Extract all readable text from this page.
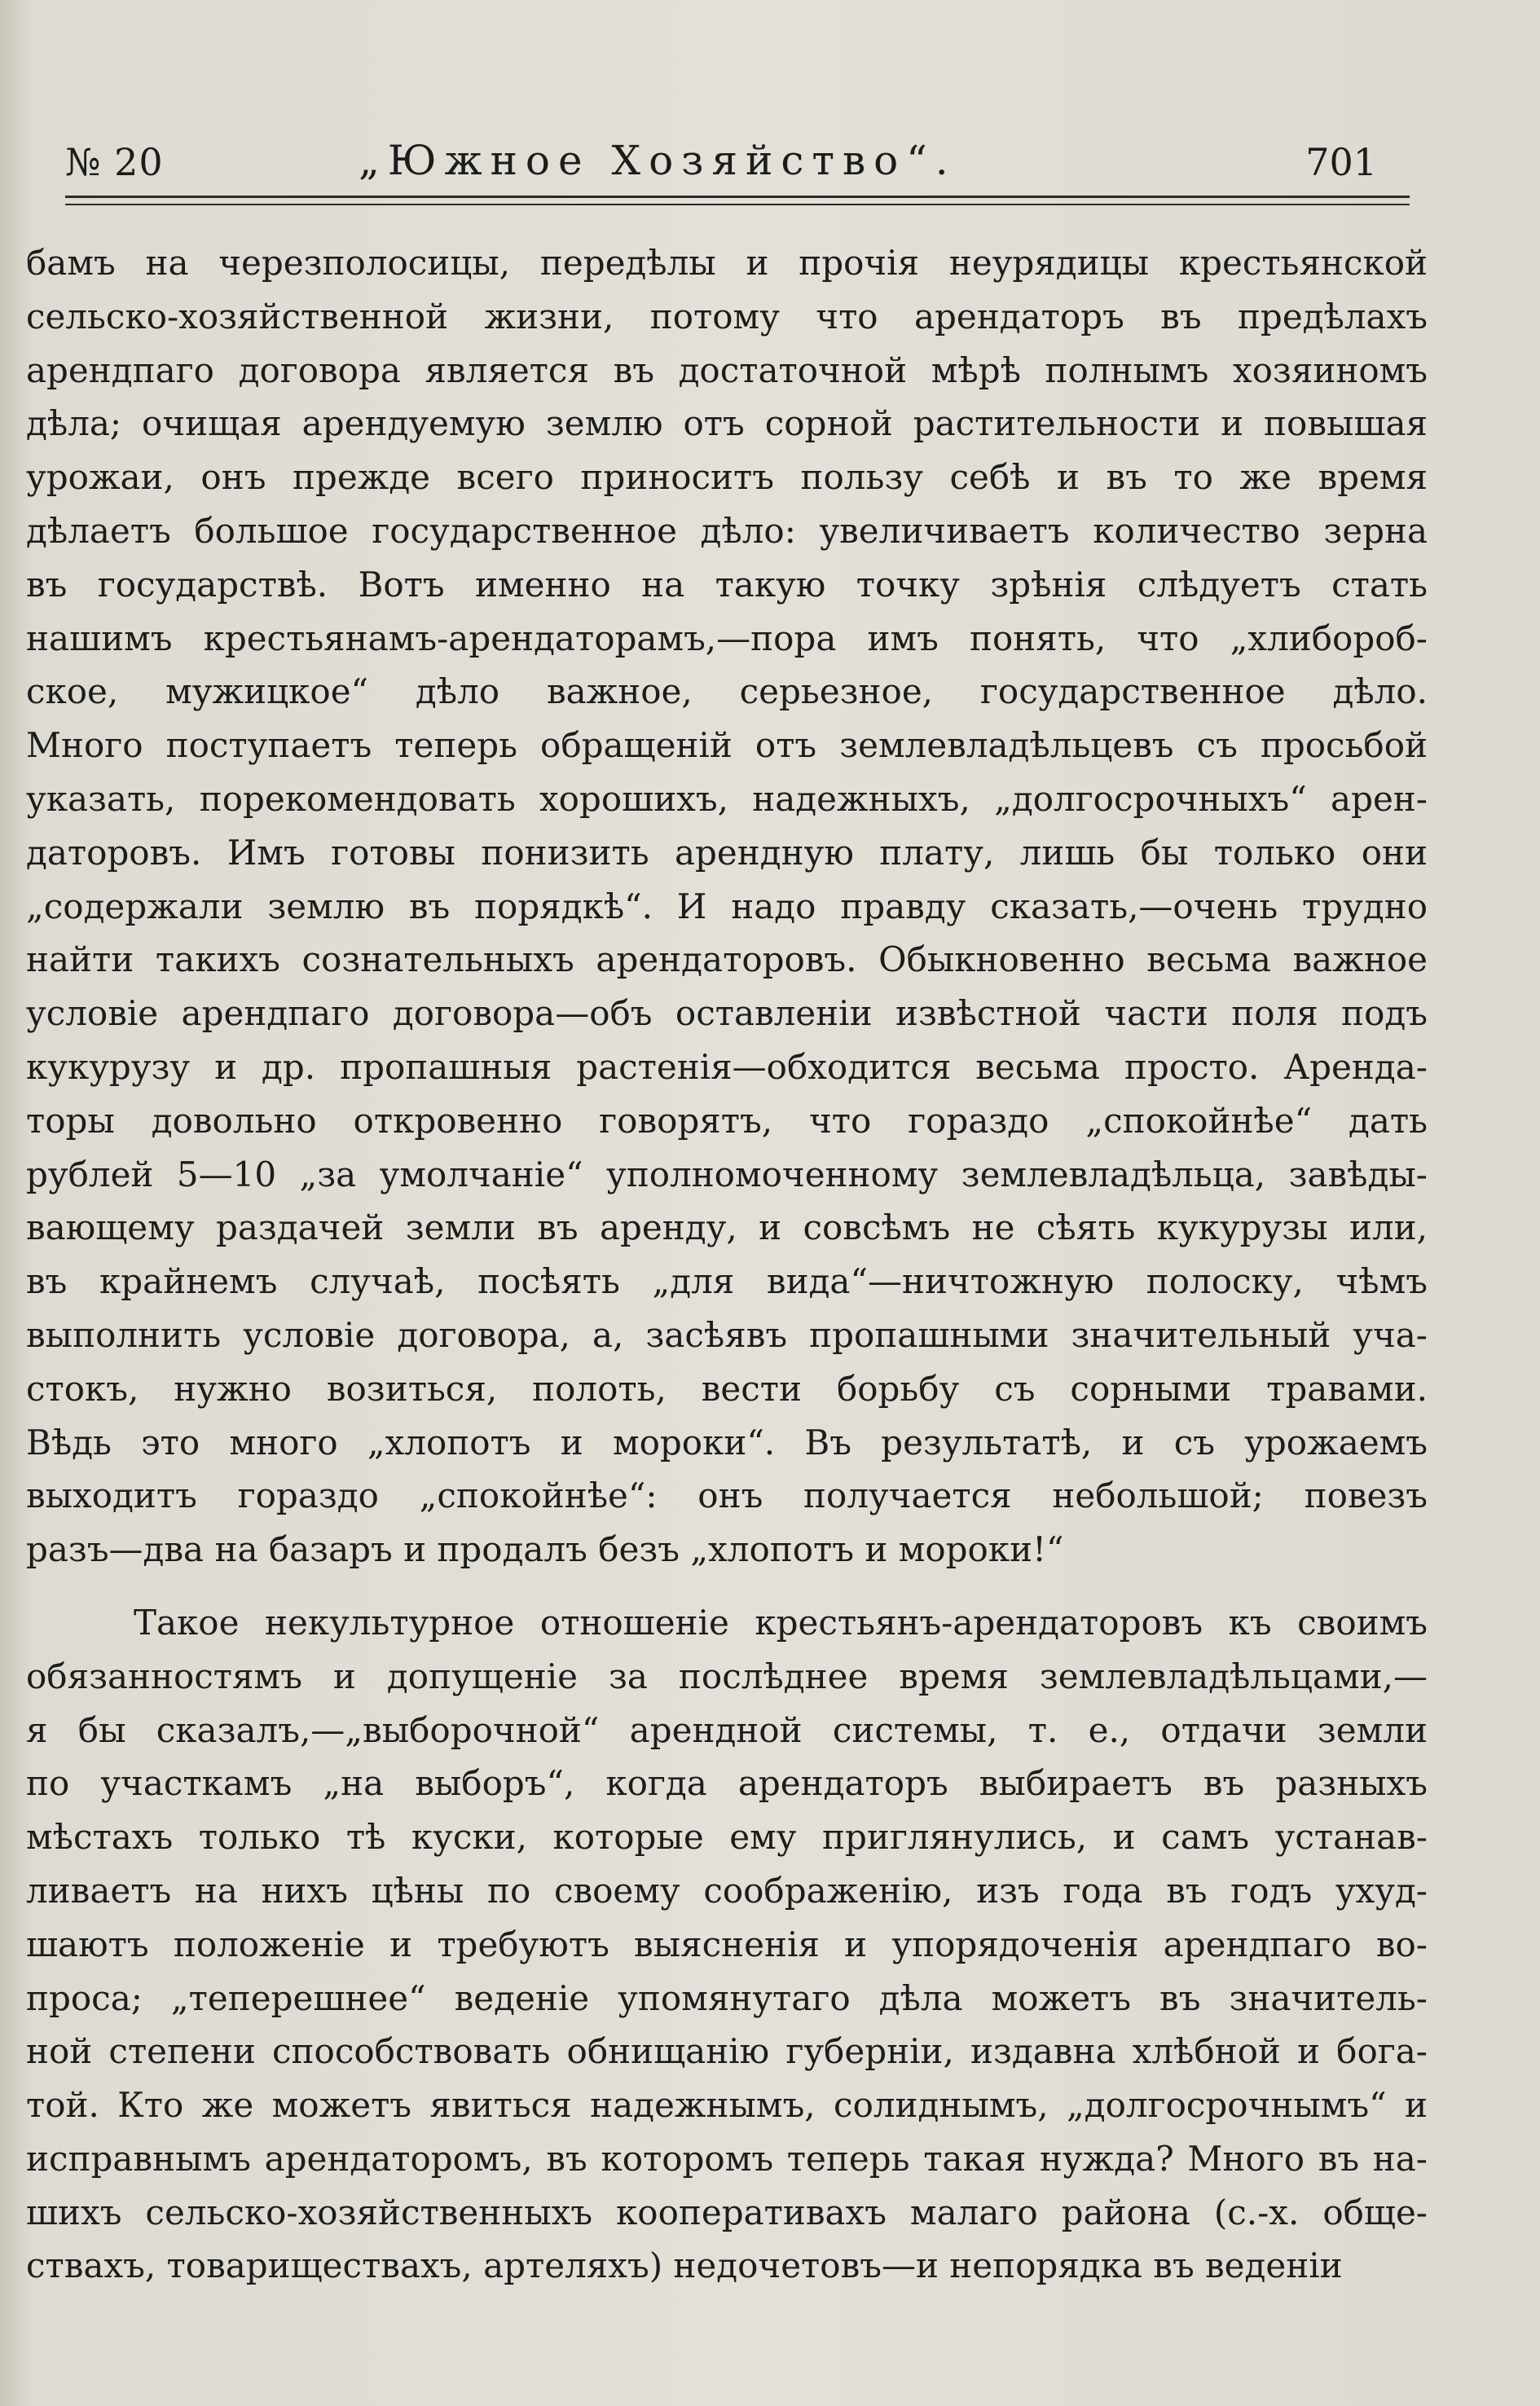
№ 20	„Южное Хозяйство“.	701
бамъ на черезполосицы, передѣлы и прочія неурядицы крестьянской
сельско-хозяйственной жизни, потому что арендаторъ въ предѣлахъ
арендпаго договора является въ достаточной мѣрѣ полнымъ хозяиномъ
дѣла; очищая арендуемую землю отъ сорной растительности и повышая
урожаи, онъ прежде всего приноситъ пользу себѣ и въ то же время
дѣлаетъ большое государственное дѣло: увеличиваетъ количество зерна
въ государствѣ. Вотъ именно на такую точку зрѣнія слѣдуетъ стать
нашимъ крестьянамъ-арендаторамъ,—пора имъ понять, что „хлибороб-
ское, мужицкое“ дѣло важное, серьезное, государственное дѣло.
Много поступаетъ теперь обращеній отъ землевладѣльцевъ съ просьбой
указать, порекомендовать хорошихъ, надежныхъ, „долгосрочныхъ“ арен-
даторовъ. Имъ готовы понизить арендную плату, лишь бы только они
„содержали землю въ порядкѣ“. И надо правду сказать,—очень трудно
найти такихъ сознательныхъ арендаторовъ. Обыкновенно весьма важное
условіе арендпаго договора—объ оставленіи извѣстной части поля подъ
кукурузу и др. пропашныя растенія—обходится весьма просто. Аренда-
торы довольно откровенно говорятъ, что гораздо „спокойнѣе“ дать
рублей 5—10 „за умолчаніе“ уполномоченному землевладѣльца, завѣды-
вающему раздачей земли въ аренду, и совсѣмъ не сѣять кукурузы или,
въ крайнемъ случаѣ, посѣять „для вида“—ничтожную полоску, чѣмъ
выполнить условіе договора, а, засѣявъ пропашными значительный уча-
стокъ, нужно возиться, полоть, вести борьбу съ сорными травами.
Вѣдь это много „хлопотъ и мороки“. Въ результатѣ, и съ урожаемъ
выходитъ гораздо „спокойнѣе“: онъ получается небольшой; повезъ
разъ—два на базаръ и продалъ безъ „хлопотъ и мороки!“
Такое некультурное отношеніе крестьянъ-арендаторовъ къ своимъ
обязанностямъ и допущеніе за послѣднее время землевладѣльцами,—
я бы сказалъ,—„выборочной“ арендной системы, т. е., отдачи земли
по участкамъ „на выборъ“, когда арендаторъ выбираетъ въ разныхъ
мѣстахъ только тѣ куски, которые ему приглянулись, и самъ устанав-
ливаетъ на нихъ цѣны по своему соображенію, изъ года въ годъ ухуд-
шаютъ положеніе и требуютъ выясненія и упорядоченія арендпаго во-
проса; „теперешнее“ веденіе упомянутаго дѣла можетъ въ значитель-
ной степени способствовать обнищанію губерніи, издавна хлѣбной и бога-
той. Кто же можетъ явиться надежнымъ, солиднымъ, „долгосрочнымъ“ и
исправнымъ арендаторомъ, въ которомъ теперь такая нужда? Много въ на-
шихъ сельско-хозяйственныхъ кооперативахъ малаго района (с.-х. обще-
ствахъ, товариществахъ, артеляхъ) недочетовъ—и непорядка въ веденіи
